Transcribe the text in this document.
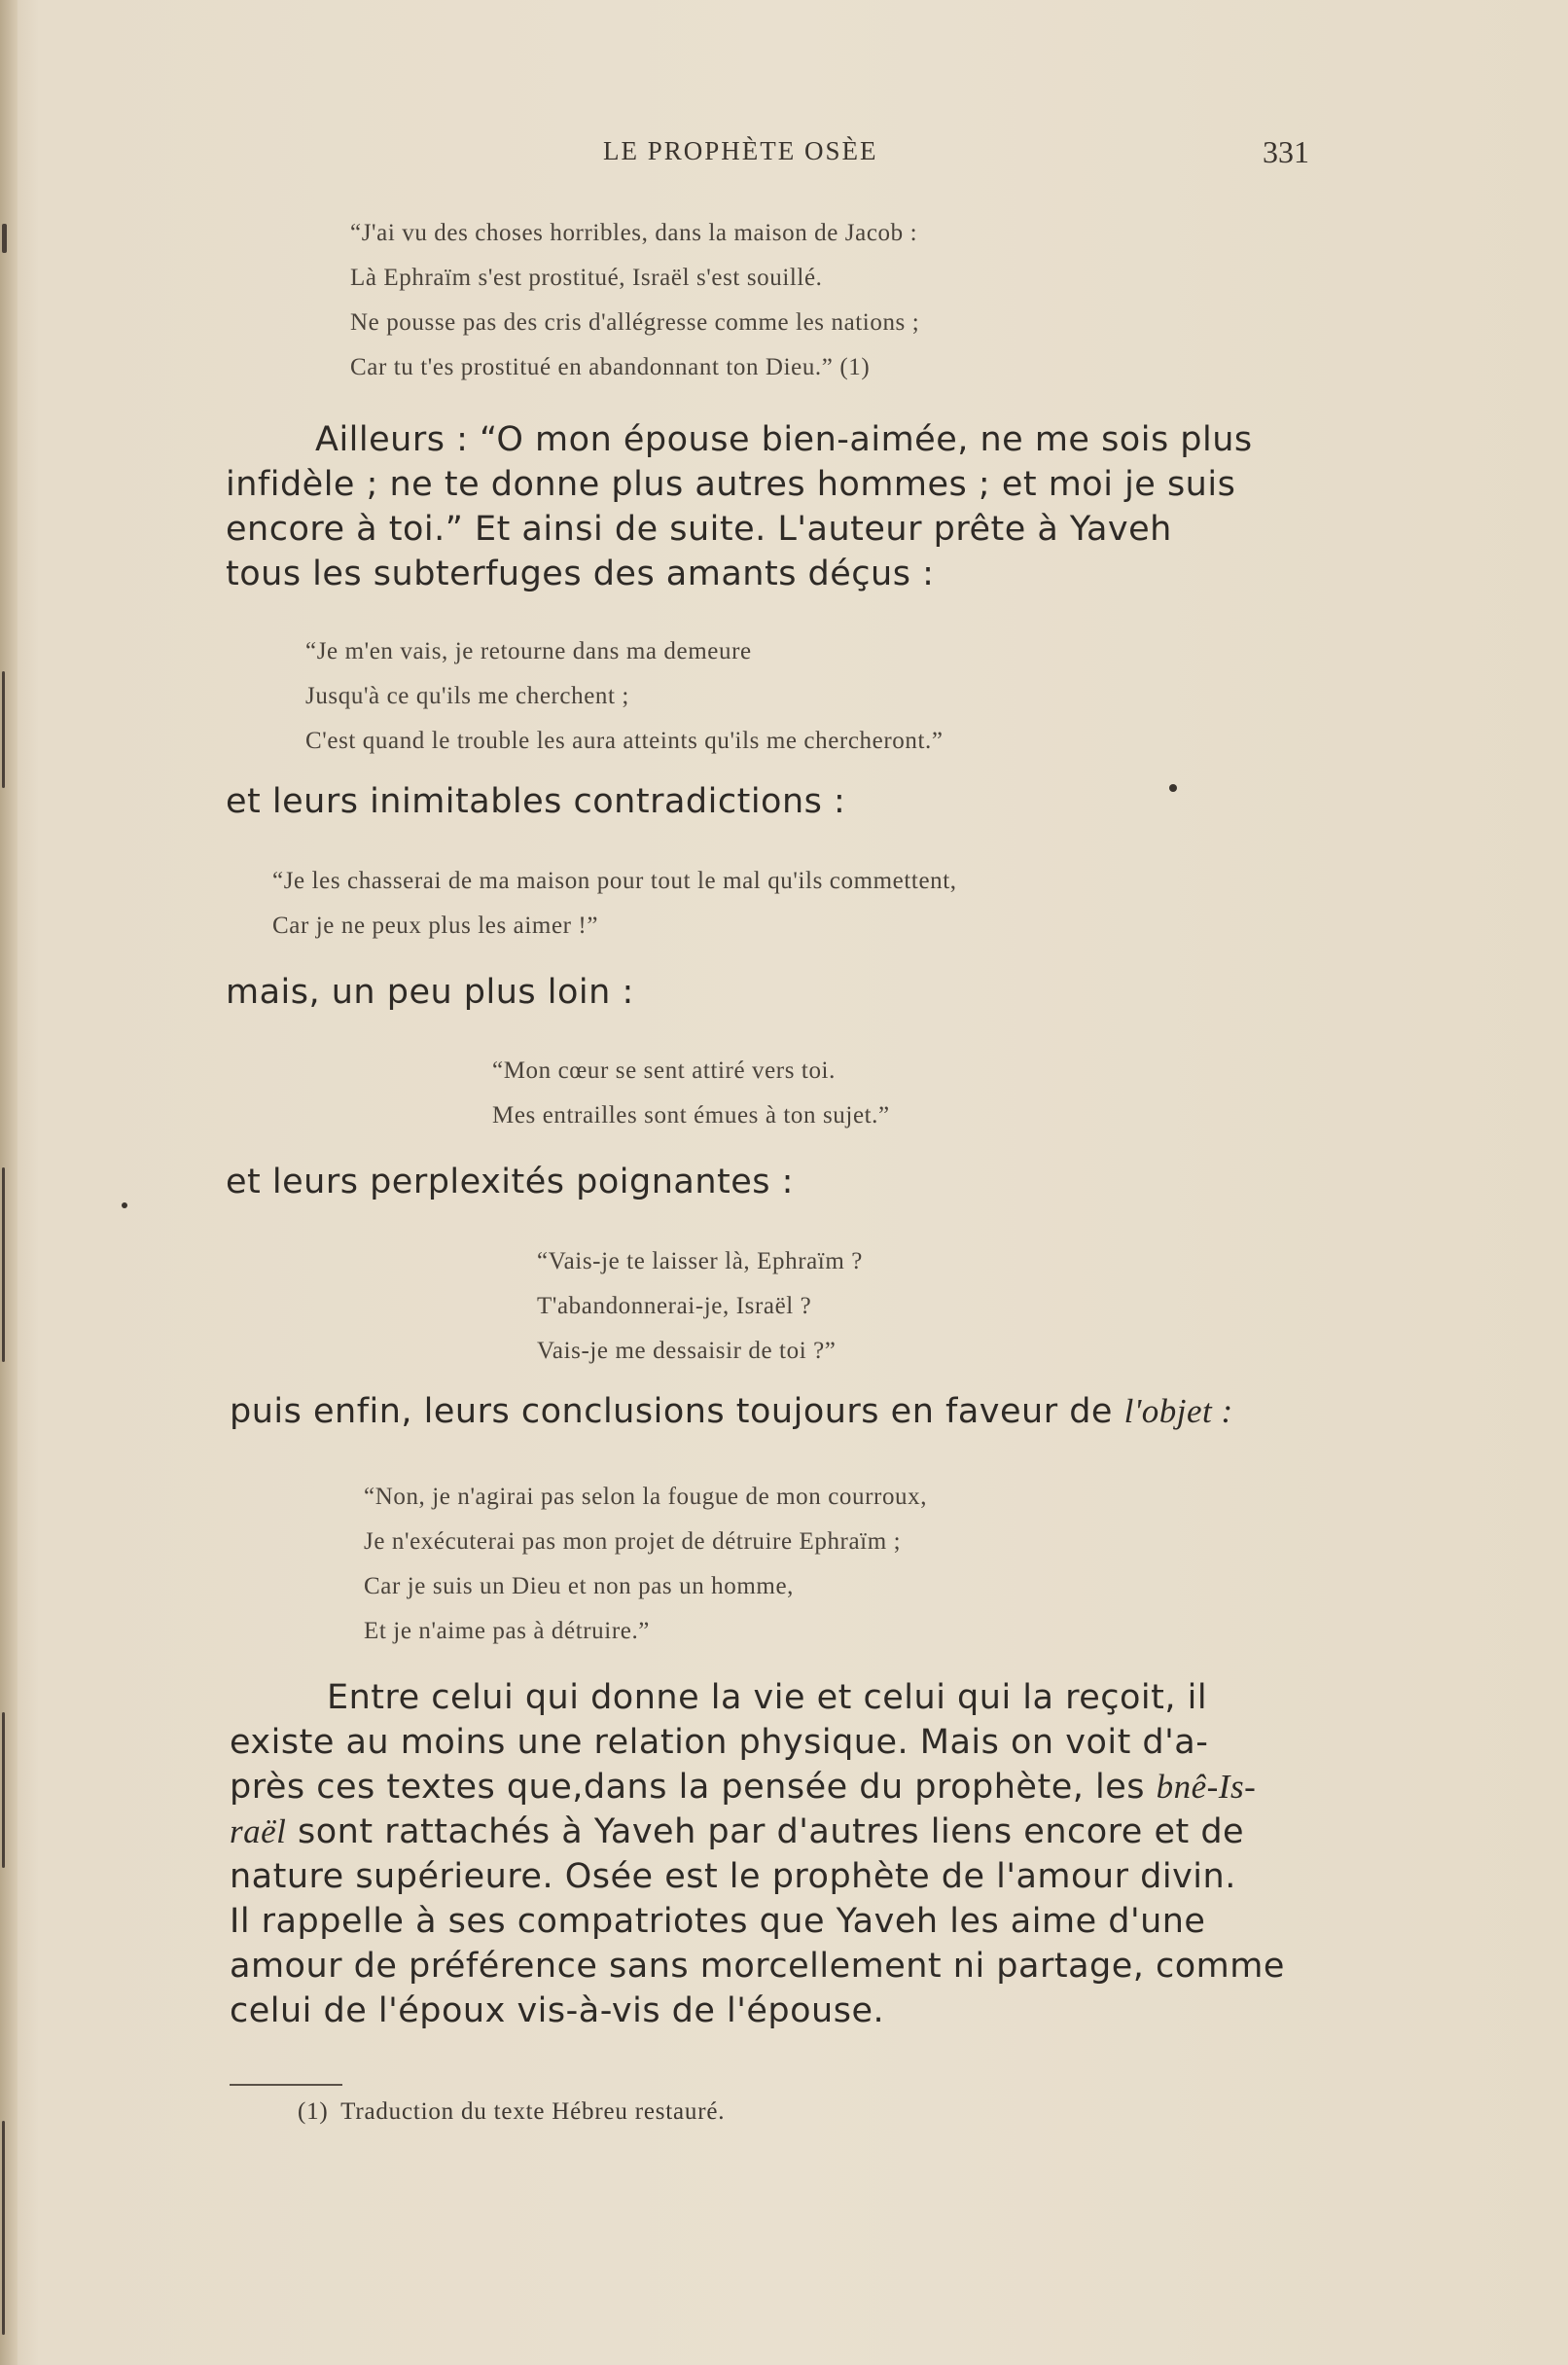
LE PROPHÈTE OSÈE	331
“J'ai vu des choses horribles, dans la maison de Jacob :
Là Ephraïm s'est prostitué, Israël s'est souillé.
Ne pousse pas des cris d'allégresse comme les nations ;
Car tu t'es prostitué en abandonnant ton Dieu.” (1)
Ailleurs : “O mon épouse bien-aimée, ne me sois plus
infidèle ; ne te donne plus autres hommes ; et moi je suis
encore à toi.” Et ainsi de suite. L'auteur prête à Yaveh
tous les subterfuges des amants déçus :
“Je m'en vais, je retourne dans ma demeure
Jusqu'à ce qu'ils me cherchent ;
C'est quand le trouble les aura atteints qu'ils me chercheront.”
et leurs inimitables contradictions :
“Je les chasserai de ma maison pour tout le mal qu'ils commettent,
Car je ne peux plus les aimer !”
mais, un peu plus loin :
“Mon cœur se sent attiré vers toi.
Mes entrailles sont émues à ton sujet.”
et leurs perplexités poignantes :
“Vais-je te laisser là, Ephraïm ?
T'abandonnerai-je, Israël ?
Vais-je me dessaisir de toi ?”
puis enfin, leurs conclusions toujours en faveur de l'objet :
“Non, je n'agirai pas selon la fougue de mon courroux,
Je n'exécuterai pas mon projet de détruire Ephraïm ;
Car je suis un Dieu et non pas un homme,
Et je n'aime pas à détruire.”
Entre celui qui donne la vie et celui qui la reçoit, il
existe au moins une relation physique. Mais on voit d'a-
près ces textes que,dans la pensée du prophète, les bnê-Is-
raël sont rattachés à Yaveh par d'autres liens encore et de
nature supérieure. Osée est le prophète de l'amour divin.
Il rappelle à ses compatriotes que Yaveh les aime d'une
amour de préférence sans morcellement ni partage, comme
celui de l'époux vis-à-vis de l'épouse.
(1) Traduction du texte Hébreu restauré.
